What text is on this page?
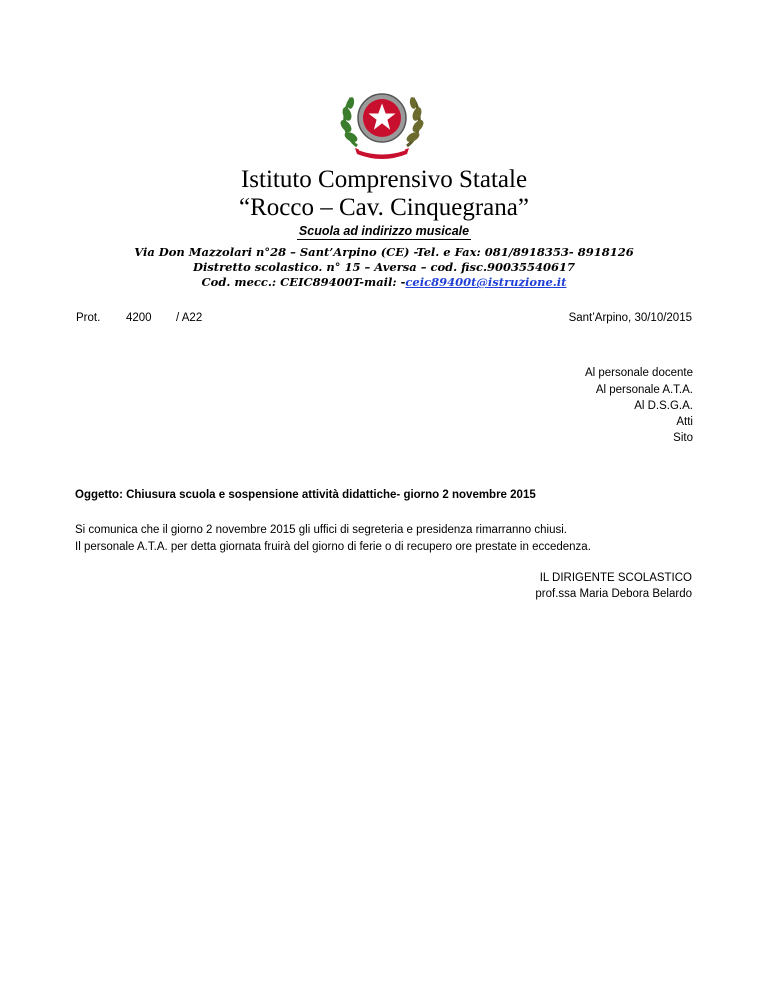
Istituto Comprensivo Statale
“Rocco – Cav. Cinquegrana”
Scuola ad indirizzo musicale
Via Don Mazzolari n°28 – Sant’Arpino (CE) -Tel. e Fax: 081/8918353- 8918126
Distretto scolastico. n° 15 – Aversa – cod. fisc.90035540617
Cod. mecc.: CEIC89400T-mail: -ceic89400t@istruzione.it
Prot. 4200 / A22	Sant’Arpino, 30/10/2015
Al personale docente
Al personale A.T.A.
Al D.S.G.A.
Atti
Sito
Oggetto: Chiusura scuola e sospensione attività didattiche- giorno 2 novembre 2015
Si comunica che il giorno 2 novembre 2015 gli uffici di segreteria e presidenza rimarranno chiusi.
Il personale A.T.A. per detta giornata fruirà del giorno di ferie o di recupero ore prestate in eccedenza.
IL DIRIGENTE SCOLASTICO
prof.ssa Maria Debora Belardo
